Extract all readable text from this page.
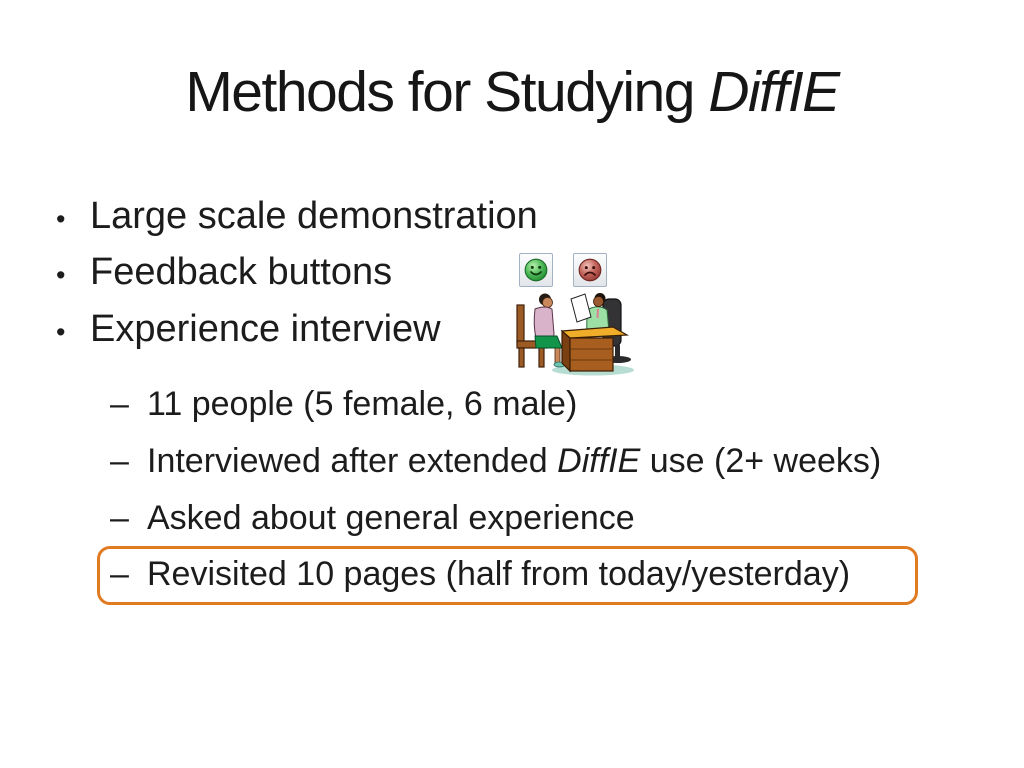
Methods for Studying DiffIE
• Large scale demonstration
• Feedback buttons
• Experience interview
– 11 people (5 female, 6 male)
– Interviewed after extended DiffIE use (2+ weeks)
– Asked about general experience
– Revisited 10 pages (half from today/yesterday)
